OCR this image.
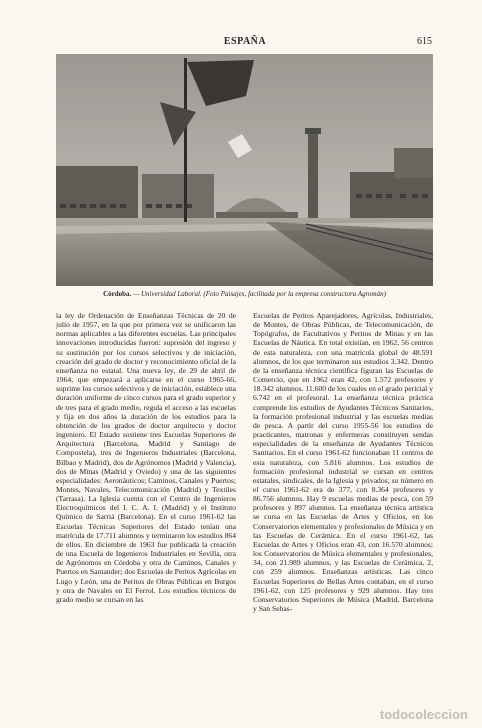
ESPAÑA	615
Córdoba. — Universidad Laboral. (Foto Paisajes, facilitada por la empresa constructora Agromán)
la ley de Ordenación de Enseñanzas Técnicas de 20 de julio de 1957, en la que por primera vez se unificaron las normas aplicables a las diferentes escuelas. Las principales innovaciones introducidas fueron: supresión del ingreso y su sustitución por los cursos selectivos y de iniciación, creación del grado de doctor y reconocimiento oficial de la enseñanza no estatal. Una nueva ley, de 29 de abril de 1964, que empezará a aplicarse en el curso 1965-66, suprime los cursos selectivos y de iniciación, establece una duración uniforme de cinco cursos para el grado superior y de tres para el grado medio, regula el acceso a las escuelas y fija en dos años la duración de los estudios para la obtención de los grados de doctor arquitecto y doctor ingeniero. El Estado sostiene tres Escuelas Superiores de Arquitectura (Barcelona, Madrid y Santiago de Compostela), tres de Ingenieros Industriales (Barcelona, Bilbao y Madrid), dos de Agrónomos (Madrid y Valencia), dos de Minas (Madrid y Oviedo) y una de las siguientes especialidades: Aeronáuticos; Caminos, Canales y Puertos; Montes, Navales, Telecomunicación (Madrid) y Textiles (Tarrasa). La Iglesia cuenta con el Centro de Ingenieros Electroquímicos del I. C. A. I. (Madrid) y el Instituto Químico de Sarriá (Barcelona). En el curso 1961-62 las Escuelas Técnicas Superiores del Estado tenían una matrícula de 17.711 alumnos y terminaron los estudios 864 de ellos. En diciembre de 1963 fue publicada la creación de una Escuela de Ingenieros Industriales en Sevilla, otra de Agrónomos en Córdoba y otra de Caminos, Canales y Puertos en Santander; dos Escuelas de Peritos Agrícolas en Lugo y León, una de Peritos de Obras Públicas en Burgos y otra de Navales en El Ferrol. Los estudios técnicos de grado medio se cursan en las
Escuelas de Peritos Aparejadores, Agrícolas, Industriales, de Montes, de Obras Públicas, de Telecomunicación, de Topógrafos, de Facultativos y Peritos de Minas y en las Escuelas de Náutica. En total existían, en 1962, 56 centros de esta naturaleza, con una matrícula global de 48.591 alumnos, de los que terminaron sus estudios 3.342. Dentro de la enseñanza técnica científica figuran las Escuelas de Comercio, que en 1962 eran 42, con 1.572 profesores y 18.342 alumnos. 11.600 de los cuales en el grado pericial y 6.742 en el profesoral. La enseñanza técnica práctica comprende los estudios de Ayudantes Técnicos Sanitarios, la formación profesional industrial y las escuelas medias de pesca. A partir del curso 1955-56 los estudios de practicantes, matronas y enfermeras constituyen sendas especialidades de la enseñanza de Ayudantes Técnicos Sanitarios. En el curso 1961-62 funcionaban 11 centros de esta naturaleza, con 5.816 alumnos. Los estudios de formación profesional industrial se cursan en centros estatales, sindicales, de la Iglesia y privados; su número en el curso 1961-62 era de 377, con 8.364 profesores y 86.756 alumnos. Hay 9 escuelas medias de pesca, con 59 profesores y 897 alumnos. La enseñanza técnica artística se cursa en las Escuelas de Artes y Oficios, en los Conservatorios elementales y profesionales de Música y en las Escuelas de Cerámica. En el curso 1961-62, las Escuelas de Artes y Oficios eran 43, con 16.570 alumnos; los Conservatorios de Música elementales y profesionales, 34, con 21.989 alumnos, y las Escuelas de Cerámica, 2, con 259 alumnos. Enseñanzas artísticas. Las cinco Escuelas Superiores de Bellas Artes contaban, en el curso 1961-62, con 125 profesores y 929 alumnos. Hay tres Conservatorios Superiores de Música (Madrid, Barcelona y San Sebas-
todocoleccion
